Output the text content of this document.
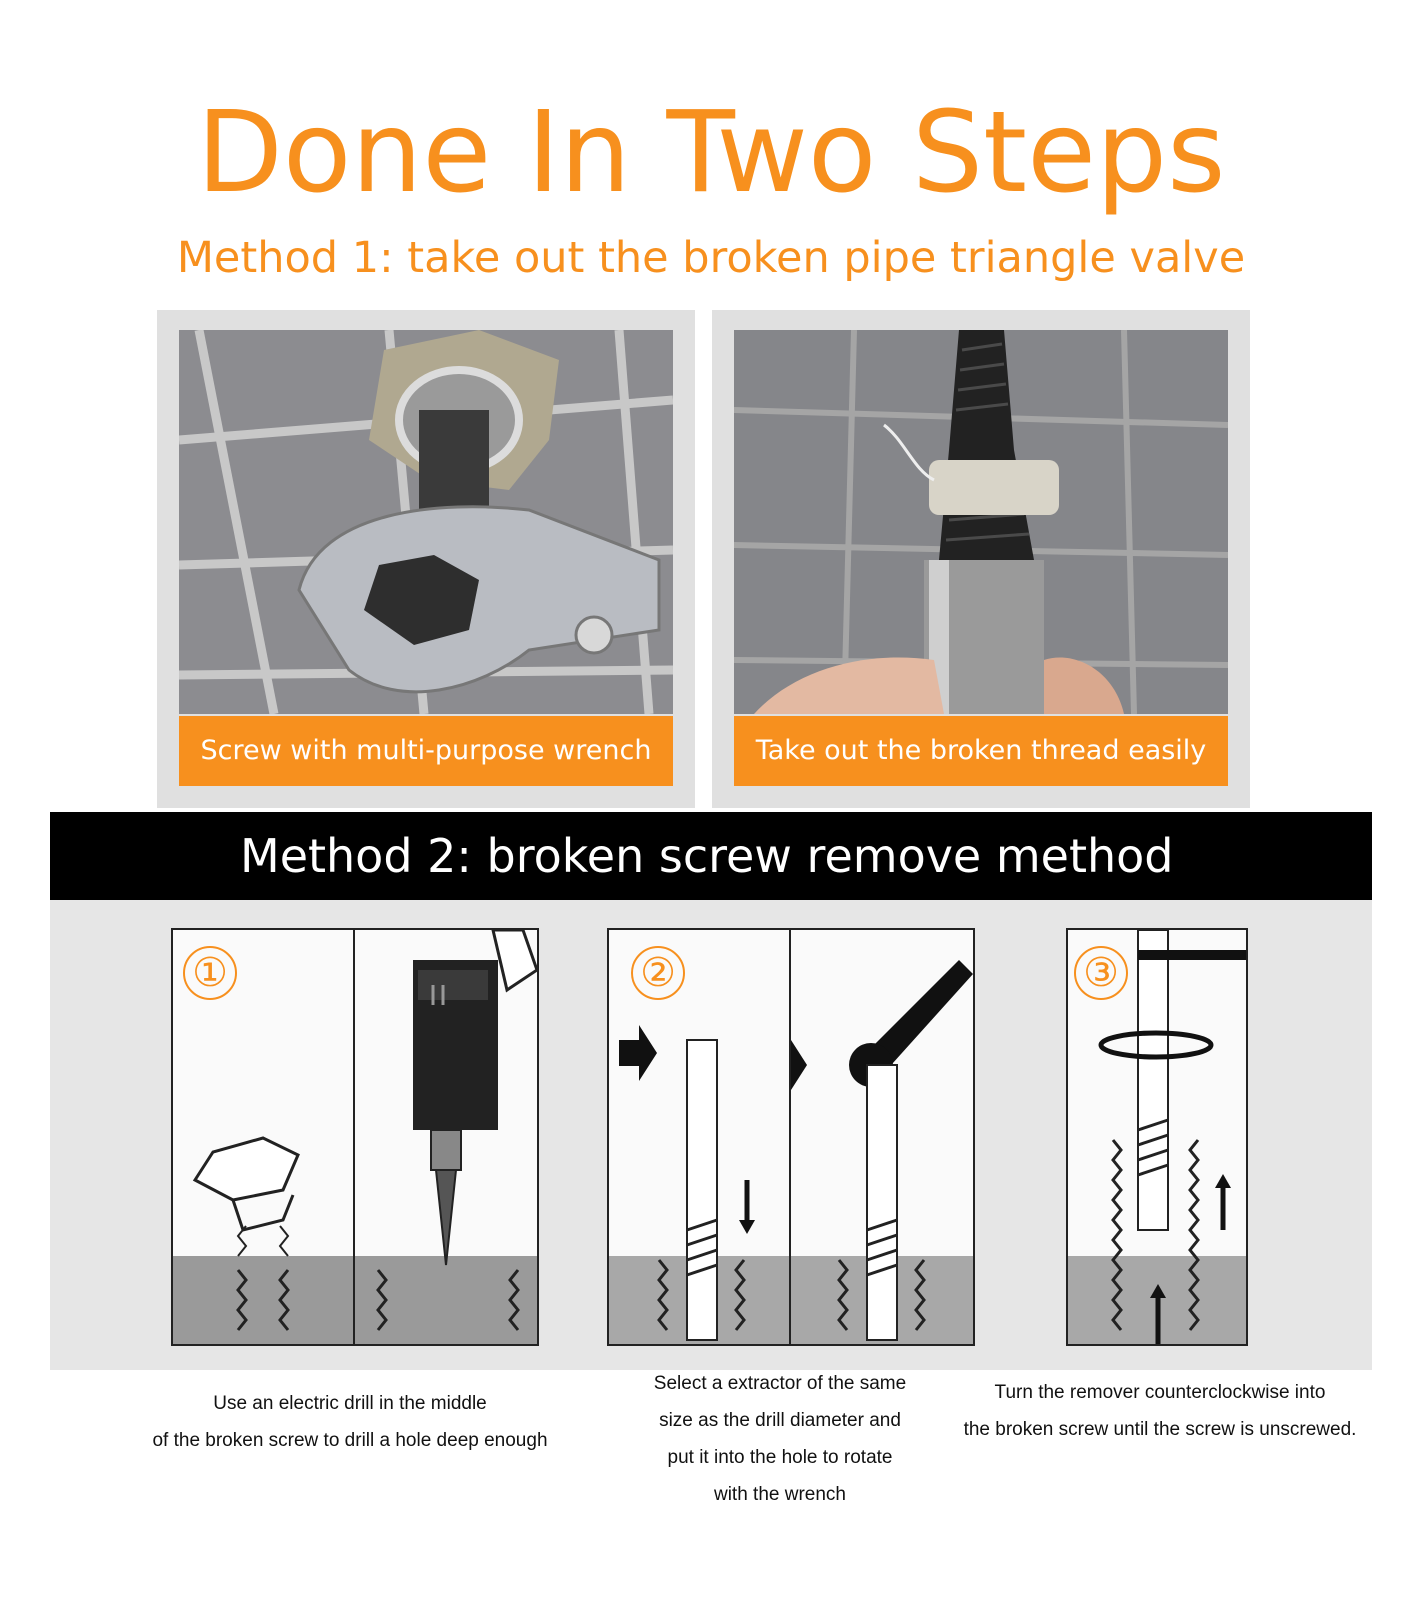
Done In Two Steps
Method 1: take out the broken pipe triangle valve
Screw with multi-purpose wrench	Take out the broken thread easily
Method 2: broken screw remove method
①	②	③
Use an electric drill in the middle
of the broken screw to drill a hole deep enough
Select a extractor of the same
size as the drill diameter and
put it into the hole to rotate
with the wrench
Turn the remover counterclockwise into
the broken screw until the screw is unscrewed.
